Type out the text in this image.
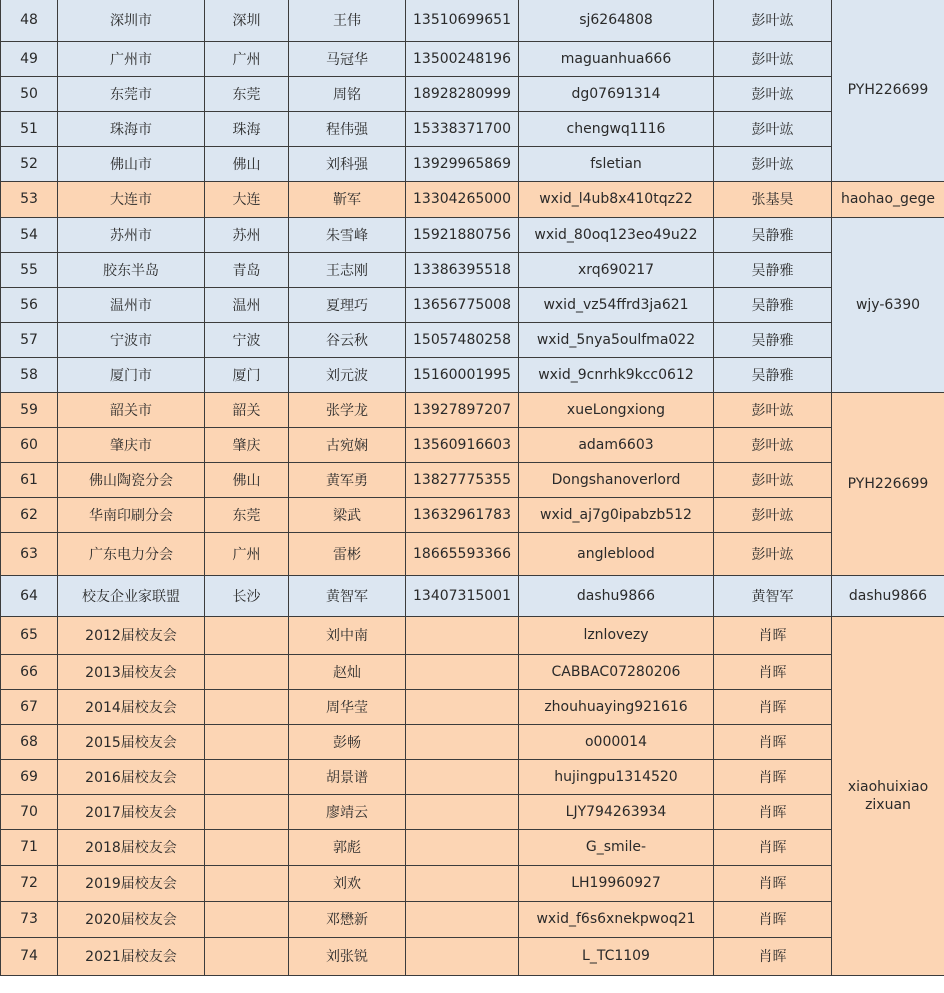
48	深圳市	深圳	王伟	13510699651	sj6264808	彭叶竑	PYH226699
49	广州市	广州	马冠华	13500248196	maguanhua666	彭叶竑	
50	东莞市	东莞	周铭	18928280999	dg07691314	彭叶竑	
51	珠海市	珠海	程伟强	15338371700	chengwq1116	彭叶竑	
52	佛山市	佛山	刘科强	13929965869	fsletian	彭叶竑	
53	大连市	大连	靳军	13304265000	wxid_l4ub8x410tqz22	张基昊	haohao_gege
54	苏州市	苏州	朱雪峰	15921880756	wxid_80oq123eo49u22	吴静雅	wjy-6390
55	胶东半岛	青岛	王志刚	13386395518	xrq690217	吴静雅	
56	温州市	温州	夏理巧	13656775008	wxid_vz54ffrd3ja621	吴静雅	
57	宁波市	宁波	谷云秋	15057480258	wxid_5nya5oulfma022	吴静雅	
58	厦门市	厦门	刘元波	15160001995	wxid_9cnrhk9kcc0612	吴静雅	
59	韶关市	韶关	张学龙	13927897207	xueLongxiong	彭叶竑	PYH226699
60	肇庆市	肇庆	古宛娴	13560916603	adam6603	彭叶竑	
61	佛山陶瓷分会	佛山	黄军勇	13827775355	Dongshanoverlord	彭叶竑	
62	华南印刷分会	东莞	梁武	13632961783	wxid_aj7g0ipabzb512	彭叶竑	
63	广东电力分会	广州	雷彬	18665593366	angleblood	彭叶竑	
64	校友企业家联盟	长沙	黄智军	13407315001	dashu9866	黄智军	dashu9866
65	2012届校友会		刘中南		lznlovezy	肖晖	xiaohuixiao zixuan
66	2013届校友会		赵灿		CABBAC07280206	肖晖	
67	2014届校友会		周华莹		zhouhuaying921616	肖晖	
68	2015届校友会		彭畅		o000014	肖晖	
69	2016届校友会		胡景谱		hujingpu1314520	肖晖	
70	2017届校友会		廖靖云		LJY794263934	肖晖	
71	2018届校友会		郭彪		G_smile-	肖晖	
72	2019届校友会		刘欢		LH19960927	肖晖	
73	2020届校友会		邓懋新		wxid_f6s6xnekpwoq21	肖晖	
74	2021届校友会		刘张锐		L_TC1109	肖晖	
